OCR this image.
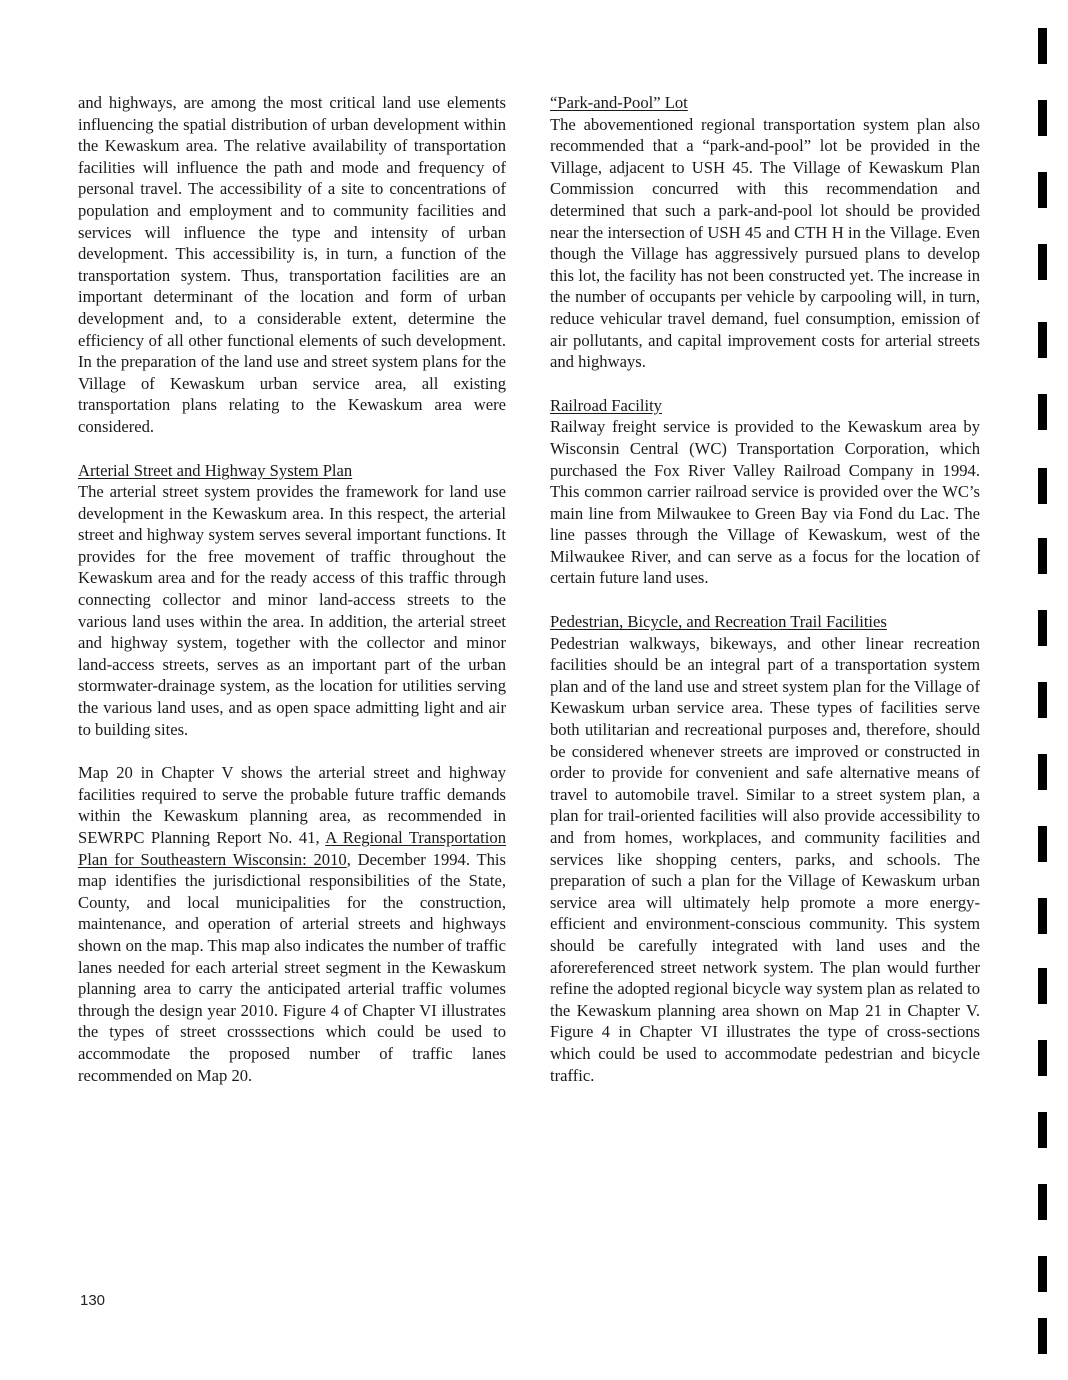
and highways, are among the most critical land use elements influencing the spatial distribution of urban development within the Kewaskum area. The relative availability of transportation facilities will influence the path and mode and frequency of personal travel. The accessibility of a site to concentrations of population and employment and to community facilities and services will influence the type and intensity of urban development. This accessibility is, in turn, a function of the transportation system. Thus, transportation facilities are an important determinant of the location and form of urban development and, to a considerable extent, determine the efficiency of all other functional elements of such development. In the preparation of the land use and street system plans for the Village of Kewaskum urban service area, all existing transportation plans relating to the Kewaskum area were considered.

Arterial Street and Highway System Plan

The arterial street system provides the framework for land use development in the Kewaskum area. In this respect, the arterial street and highway system serves several important functions. It provides for the free movement of traffic throughout the Kewaskum area and for the ready access of this traffic through connecting collector and minor land-access streets to the various land uses within the area. In addition, the arterial street and highway system, together with the collector and minor land-access streets, serves as an important part of the urban stormwater-drainage system, as the location for utilities serving the various land uses, and as open space admitting light and air to building sites.

Map 20 in Chapter V shows the arterial street and highway facilities required to serve the probable future traffic demands within the Kewaskum planning area, as recommended in SEWRPC Planning Report No. 41, A Regional Transportation Plan for Southeastern Wisconsin: 2010, December 1994. This map identifies the jurisdictional responsibilities of the State, County, and local municipalities for the construction, maintenance, and operation of arterial streets and highways shown on the map. This map also indicates the number of traffic lanes needed for each arterial street segment in the Kewaskum planning area to carry the anticipated arterial traffic volumes through the design year 2010. Figure 4 of Chapter VI illustrates the types of street crosssections which could be used to accommodate the proposed number of traffic lanes recommended on Map 20.

“Park-and-Pool” Lot

The abovementioned regional transportation system plan also recommended that a “park-and-pool” lot be provided in the Village, adjacent to USH 45. The Village of Kewaskum Plan Commission concurred with this recommendation and determined that such a park-and-pool lot should be provided near the intersection of USH 45 and CTH H in the Village. Even though the Village has aggressively pursued plans to develop this lot, the facility has not been constructed yet. The increase in the number of occupants per vehicle by carpooling will, in turn, reduce vehicular travel demand, fuel consumption, emission of air pollutants, and capital improvement costs for arterial streets and highways.

Railroad Facility

Railway freight service is provided to the Kewaskum area by Wisconsin Central (WC) Transportation Corporation, which purchased the Fox River Valley Railroad Company in 1994. This common carrier railroad service is provided over the WC’s main line from Milwaukee to Green Bay via Fond du Lac. The line passes through the Village of Kewaskum, west of the Milwaukee River, and can serve as a focus for the location of certain future land uses.

Pedestrian, Bicycle, and Recreation Trail Facilities

Pedestrian walkways, bikeways, and other linear recreation facilities should be an integral part of a transportation system plan and of the land use and street system plan for the Village of Kewaskum urban service area. These types of facilities serve both utilitarian and recreational purposes and, therefore, should be considered whenever streets are improved or constructed in order to provide for convenient and safe alternative means of travel to automobile travel. Similar to a street system plan, a plan for trail-oriented facilities will also provide accessibility to and from homes, workplaces, and community facilities and services like shopping centers, parks, and schools. The preparation of such a plan for the Village of Kewaskum urban service area will ultimately help promote a more energy-efficient and environment-conscious community. This system should be carefully integrated with land uses and the aforereferenced street network system. The plan would further refine the adopted regional bicycle way system plan as related to the Kewaskum planning area shown on Map 21 in Chapter V. Figure 4 in Chapter VI illustrates the type of cross-sections which could be used to accommodate pedestrian and bicycle traffic.

130
